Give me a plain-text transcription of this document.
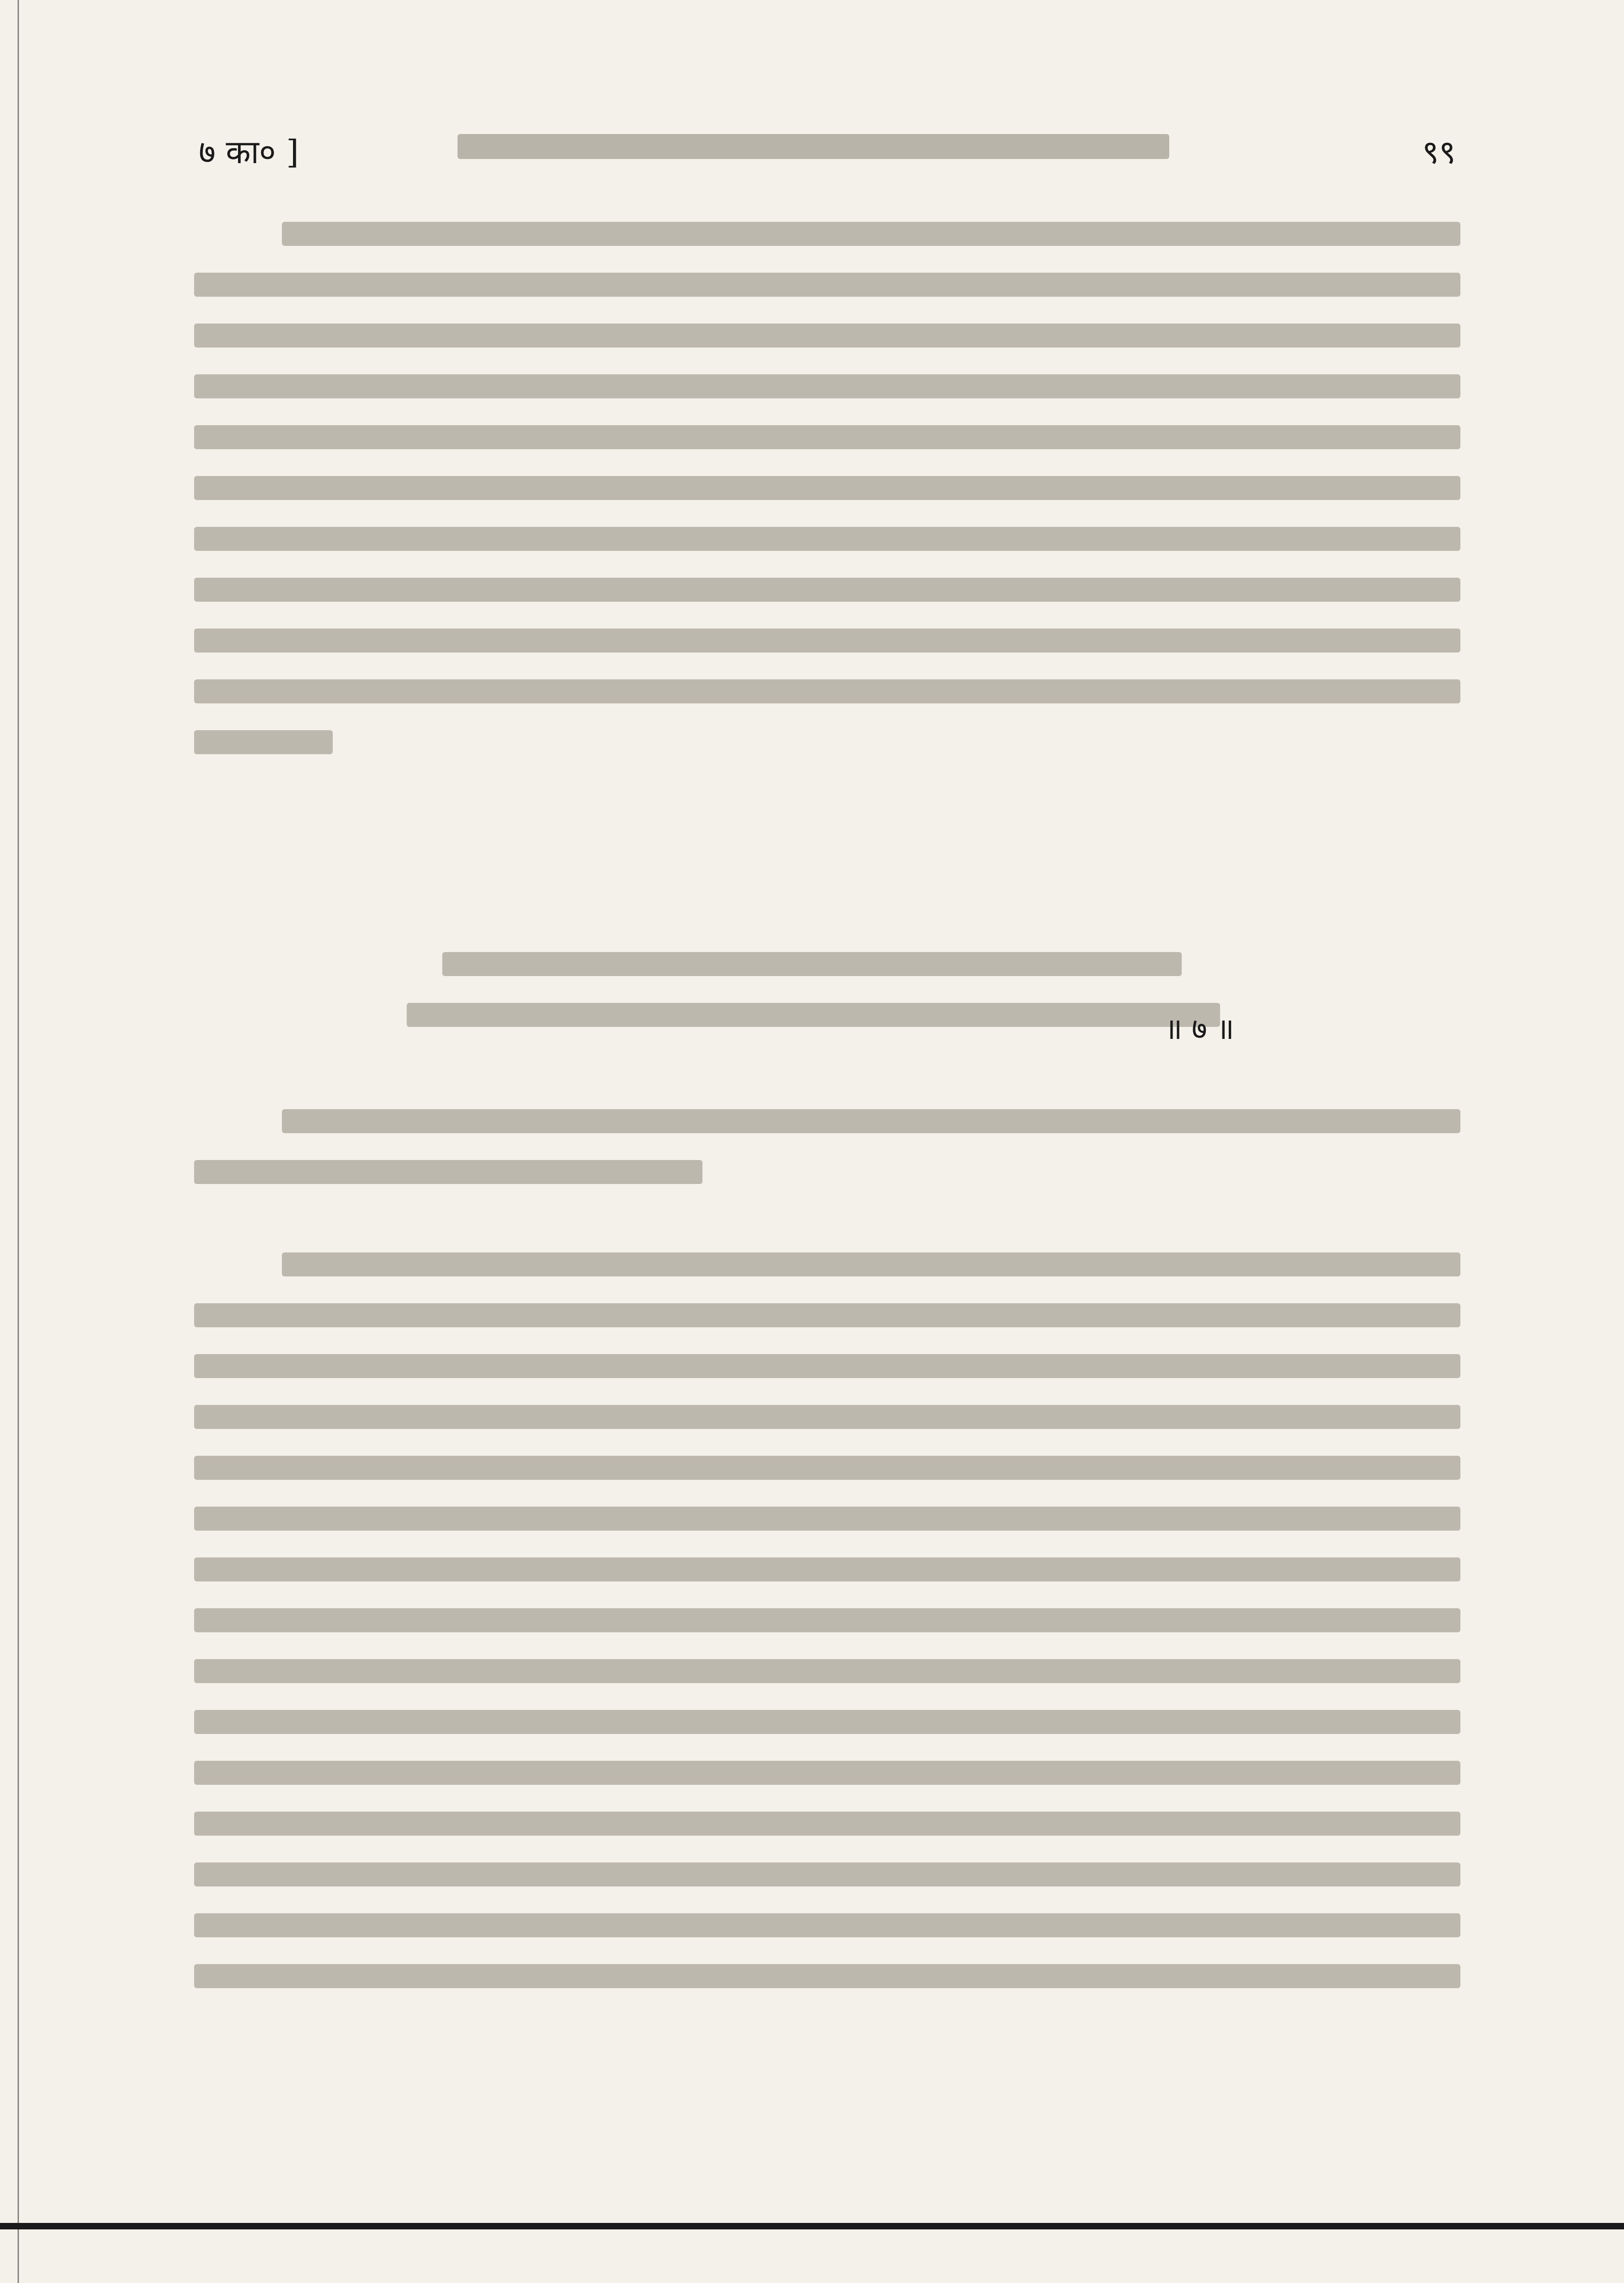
७ का० ]	९९
॥ ७ ॥
